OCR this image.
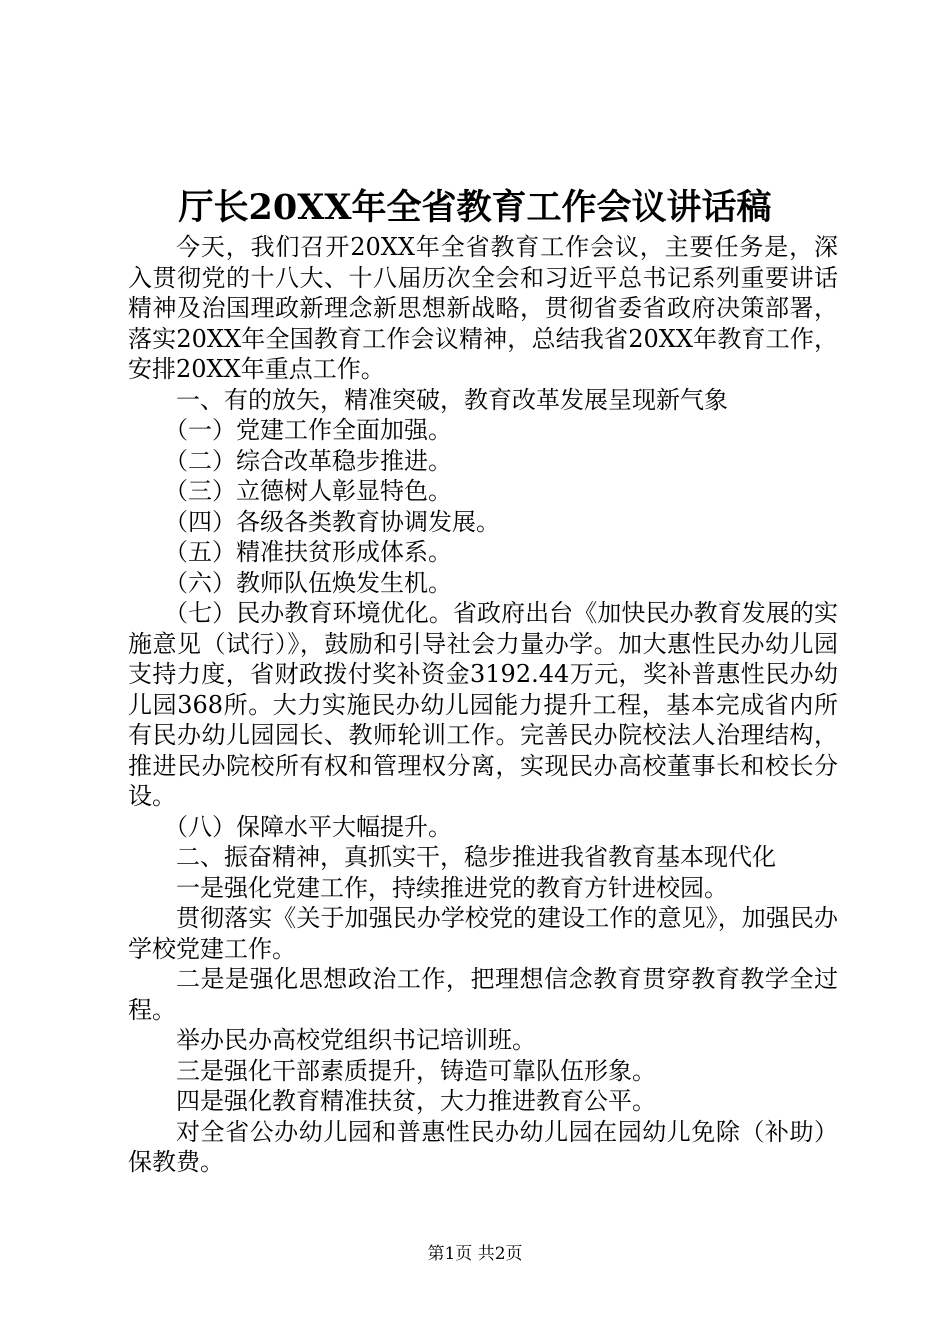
厅长20XX年全省教育工作会议讲话稿

今天，我们召开20XX年全省教育工作会议，主要任务是，深入贯彻党的十八大、十八届历次全会和习近平总书记系列重要讲话精神及治国理政新理念新思想新战略，贯彻省委省政府决策部署，落实20XX年全国教育工作会议精神，总结我省20XX年教育工作，安排20XX年重点工作。

一、有的放矢，精准突破，教育改革发展呈现新气象

（一）党建工作全面加强。

（二）综合改革稳步推进。

（三）立德树人彰显特色。

（四）各级各类教育协调发展。

（五）精准扶贫形成体系。

（六）教师队伍焕发生机。

（七）民办教育环境优化。省政府出台《加快民办教育发展的实施意见（试行）》，鼓励和引导社会力量办学。加大惠性民办幼儿园支持力度，省财政拨付奖补资金3192.44万元，奖补普惠性民办幼儿园368所。大力实施民办幼儿园能力提升工程，基本完成省内所有民办幼儿园园长、教师轮训工作。完善民办院校法人治理结构，推进民办院校所有权和管理权分离，实现民办高校董事长和校长分设。

（八）保障水平大幅提升。

二、振奋精神，真抓实干，稳步推进我省教育基本现代化

一是强化党建工作，持续推进党的教育方针进校园。

贯彻落实《关于加强民办学校党的建设工作的意见》，加强民办学校党建工作。

二是是强化思想政治工作，把理想信念教育贯穿教育教学全过程。

举办民办高校党组织书记培训班。

三是强化干部素质提升，铸造可靠队伍形象。

四是强化教育精准扶贫，大力推进教育公平。

对全省公办幼儿园和普惠性民办幼儿园在园幼儿免除（补助）保教费。

第1页 共2页
